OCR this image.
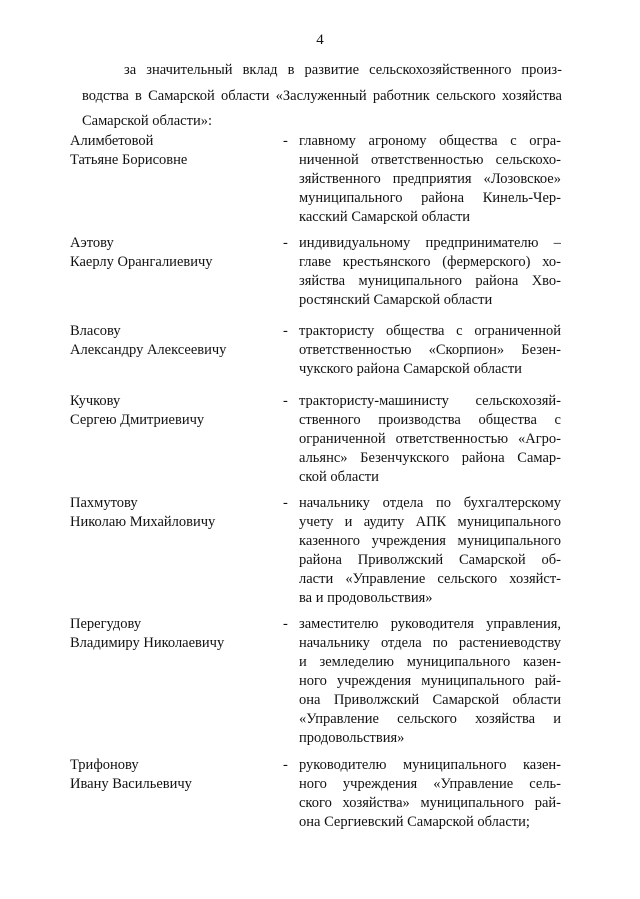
4
за значительный вклад в развитие сельскохозяйственного произ-
водства в Самарской области «Заслуженный работник сельского хозяйства
Самарской области»:
Алимбетовой
Татьяне Борисовне
- главному агроному общества с огра-
ниченной ответственностью сельскохо-
зяйственного предприятия «Лозовское»
муниципального района Кинель-Чер-
касский Самарской области
Аэтову
Каерлу Орангалиевичу
- индивидуальному предпринимателю –
главе крестьянского (фермерского) хо-
зяйства муниципального района Хво-
ростянский Самарской области
Власову
Александру Алексеевичу
- трактористу общества с ограниченной
ответственностью «Скорпион» Безен-
чукского района Самарской области
Кучкову
Сергею Дмитриевичу
- трактористу-машинисту сельскохозяй-
ственного производства общества с
ограниченной ответственностью «Агро-
альянс» Безенчукского района Самар-
ской области
Пахмутову
Николаю Михайловичу
- начальнику отдела по бухгалтерскому
учету и аудиту АПК муниципального
казенного учреждения муниципального
района Приволжский Самарской об-
ласти «Управление сельского хозяйст-
ва и продовольствия»
Перегудову
Владимиру Николаевичу
- заместителю руководителя управления,
начальнику отдела по растениеводству
и земледелию муниципального казен-
ного учреждения муниципального рай-
она Приволжский Самарской области
«Управление сельского хозяйства и
продовольствия»
Трифонову
Ивану Васильевичу
- руководителю муниципального казен-
ного учреждения «Управление сель-
ского хозяйства» муниципального рай-
она Сергиевский Самарской области;
